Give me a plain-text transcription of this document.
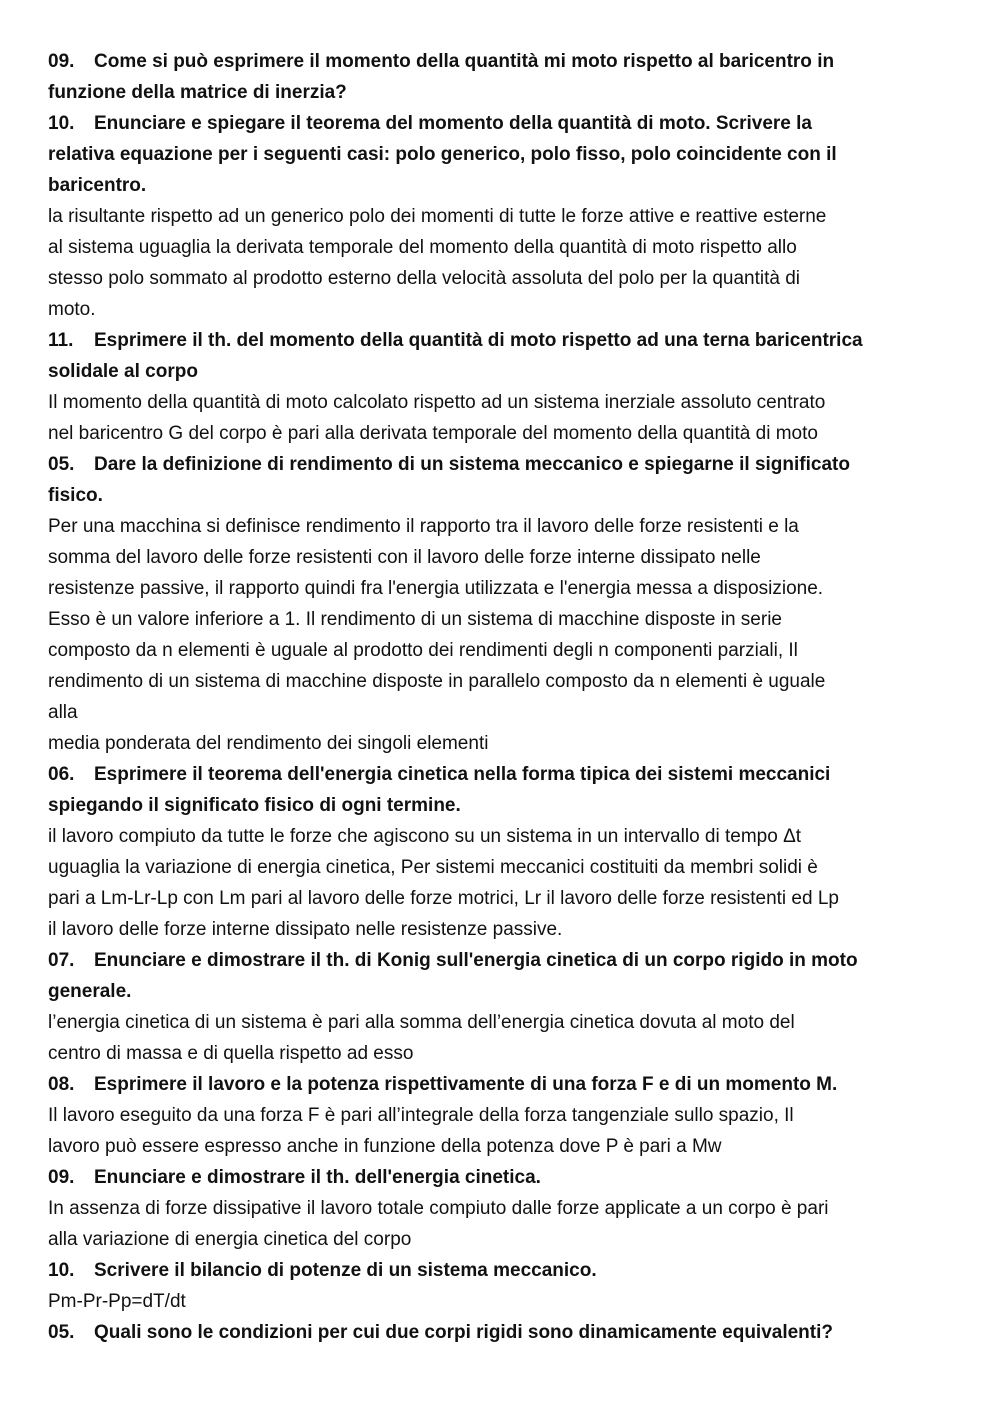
09. Come si può esprimere il momento della quantità mi moto rispetto al baricentro in
funzione della matrice di inerzia?
10. Enunciare e spiegare il teorema del momento della quantità di moto. Scrivere la
relativa equazione per i seguenti casi: polo generico, polo fisso, polo coincidente con il
baricentro.
la risultante rispetto ad un generico polo dei momenti di tutte le forze attive e reattive esterne
al sistema uguaglia la derivata temporale del momento della quantità di moto rispetto allo
stesso polo sommato al prodotto esterno della velocità assoluta del polo per la quantità di
moto.
11. Esprimere il th. del momento della quantità di moto rispetto ad una terna baricentrica
solidale al corpo
Il momento della quantità di moto calcolato rispetto ad un sistema inerziale assoluto centrato
nel baricentro G del corpo è pari alla derivata temporale del momento della quantità di moto
05. Dare la definizione di rendimento di un sistema meccanico e spiegarne il significato
fisico.
Per una macchina si definisce rendimento il rapporto tra il lavoro delle forze resistenti e la
somma del lavoro delle forze resistenti con il lavoro delle forze interne dissipato nelle
resistenze passive, il rapporto quindi fra l'energia utilizzata e l'energia messa a disposizione.
Esso è un valore inferiore a 1. Il rendimento di un sistema di macchine disposte in serie
composto da n elementi è uguale al prodotto dei rendimenti degli n componenti parziali, Il
rendimento di un sistema di macchine disposte in parallelo composto da n elementi è uguale
alla
media ponderata del rendimento dei singoli elementi
06. Esprimere il teorema dell'energia cinetica nella forma tipica dei sistemi meccanici
spiegando il significato fisico di ogni termine.
il lavoro compiuto da tutte le forze che agiscono su un sistema in un intervallo di tempo Δt
uguaglia la variazione di energia cinetica, Per sistemi meccanici costituiti da membri solidi è
pari a Lm-Lr-Lp con Lm pari al lavoro delle forze motrici, Lr il lavoro delle forze resistenti ed Lp
il lavoro delle forze interne dissipato nelle resistenze passive.
07. Enunciare e dimostrare il th. di Konig sull'energia cinetica di un corpo rigido in moto
generale.
l’energia cinetica di un sistema è pari alla somma dell’energia cinetica dovuta al moto del
centro di massa e di quella rispetto ad esso
08. Esprimere il lavoro e la potenza rispettivamente di una forza F e di un momento M.
Il lavoro eseguito da una forza F è pari all’integrale della forza tangenziale sullo spazio, Il
lavoro può essere espresso anche in funzione della potenza dove P è pari a Mw
09. Enunciare e dimostrare il th. dell'energia cinetica.
In assenza di forze dissipative il lavoro totale compiuto dalle forze applicate a un corpo è pari
alla variazione di energia cinetica del corpo
10. Scrivere il bilancio di potenze di un sistema meccanico.
Pm-Pr-Pp=dT/dt
05. Quali sono le condizioni per cui due corpi rigidi sono dinamicamente equivalenti?
